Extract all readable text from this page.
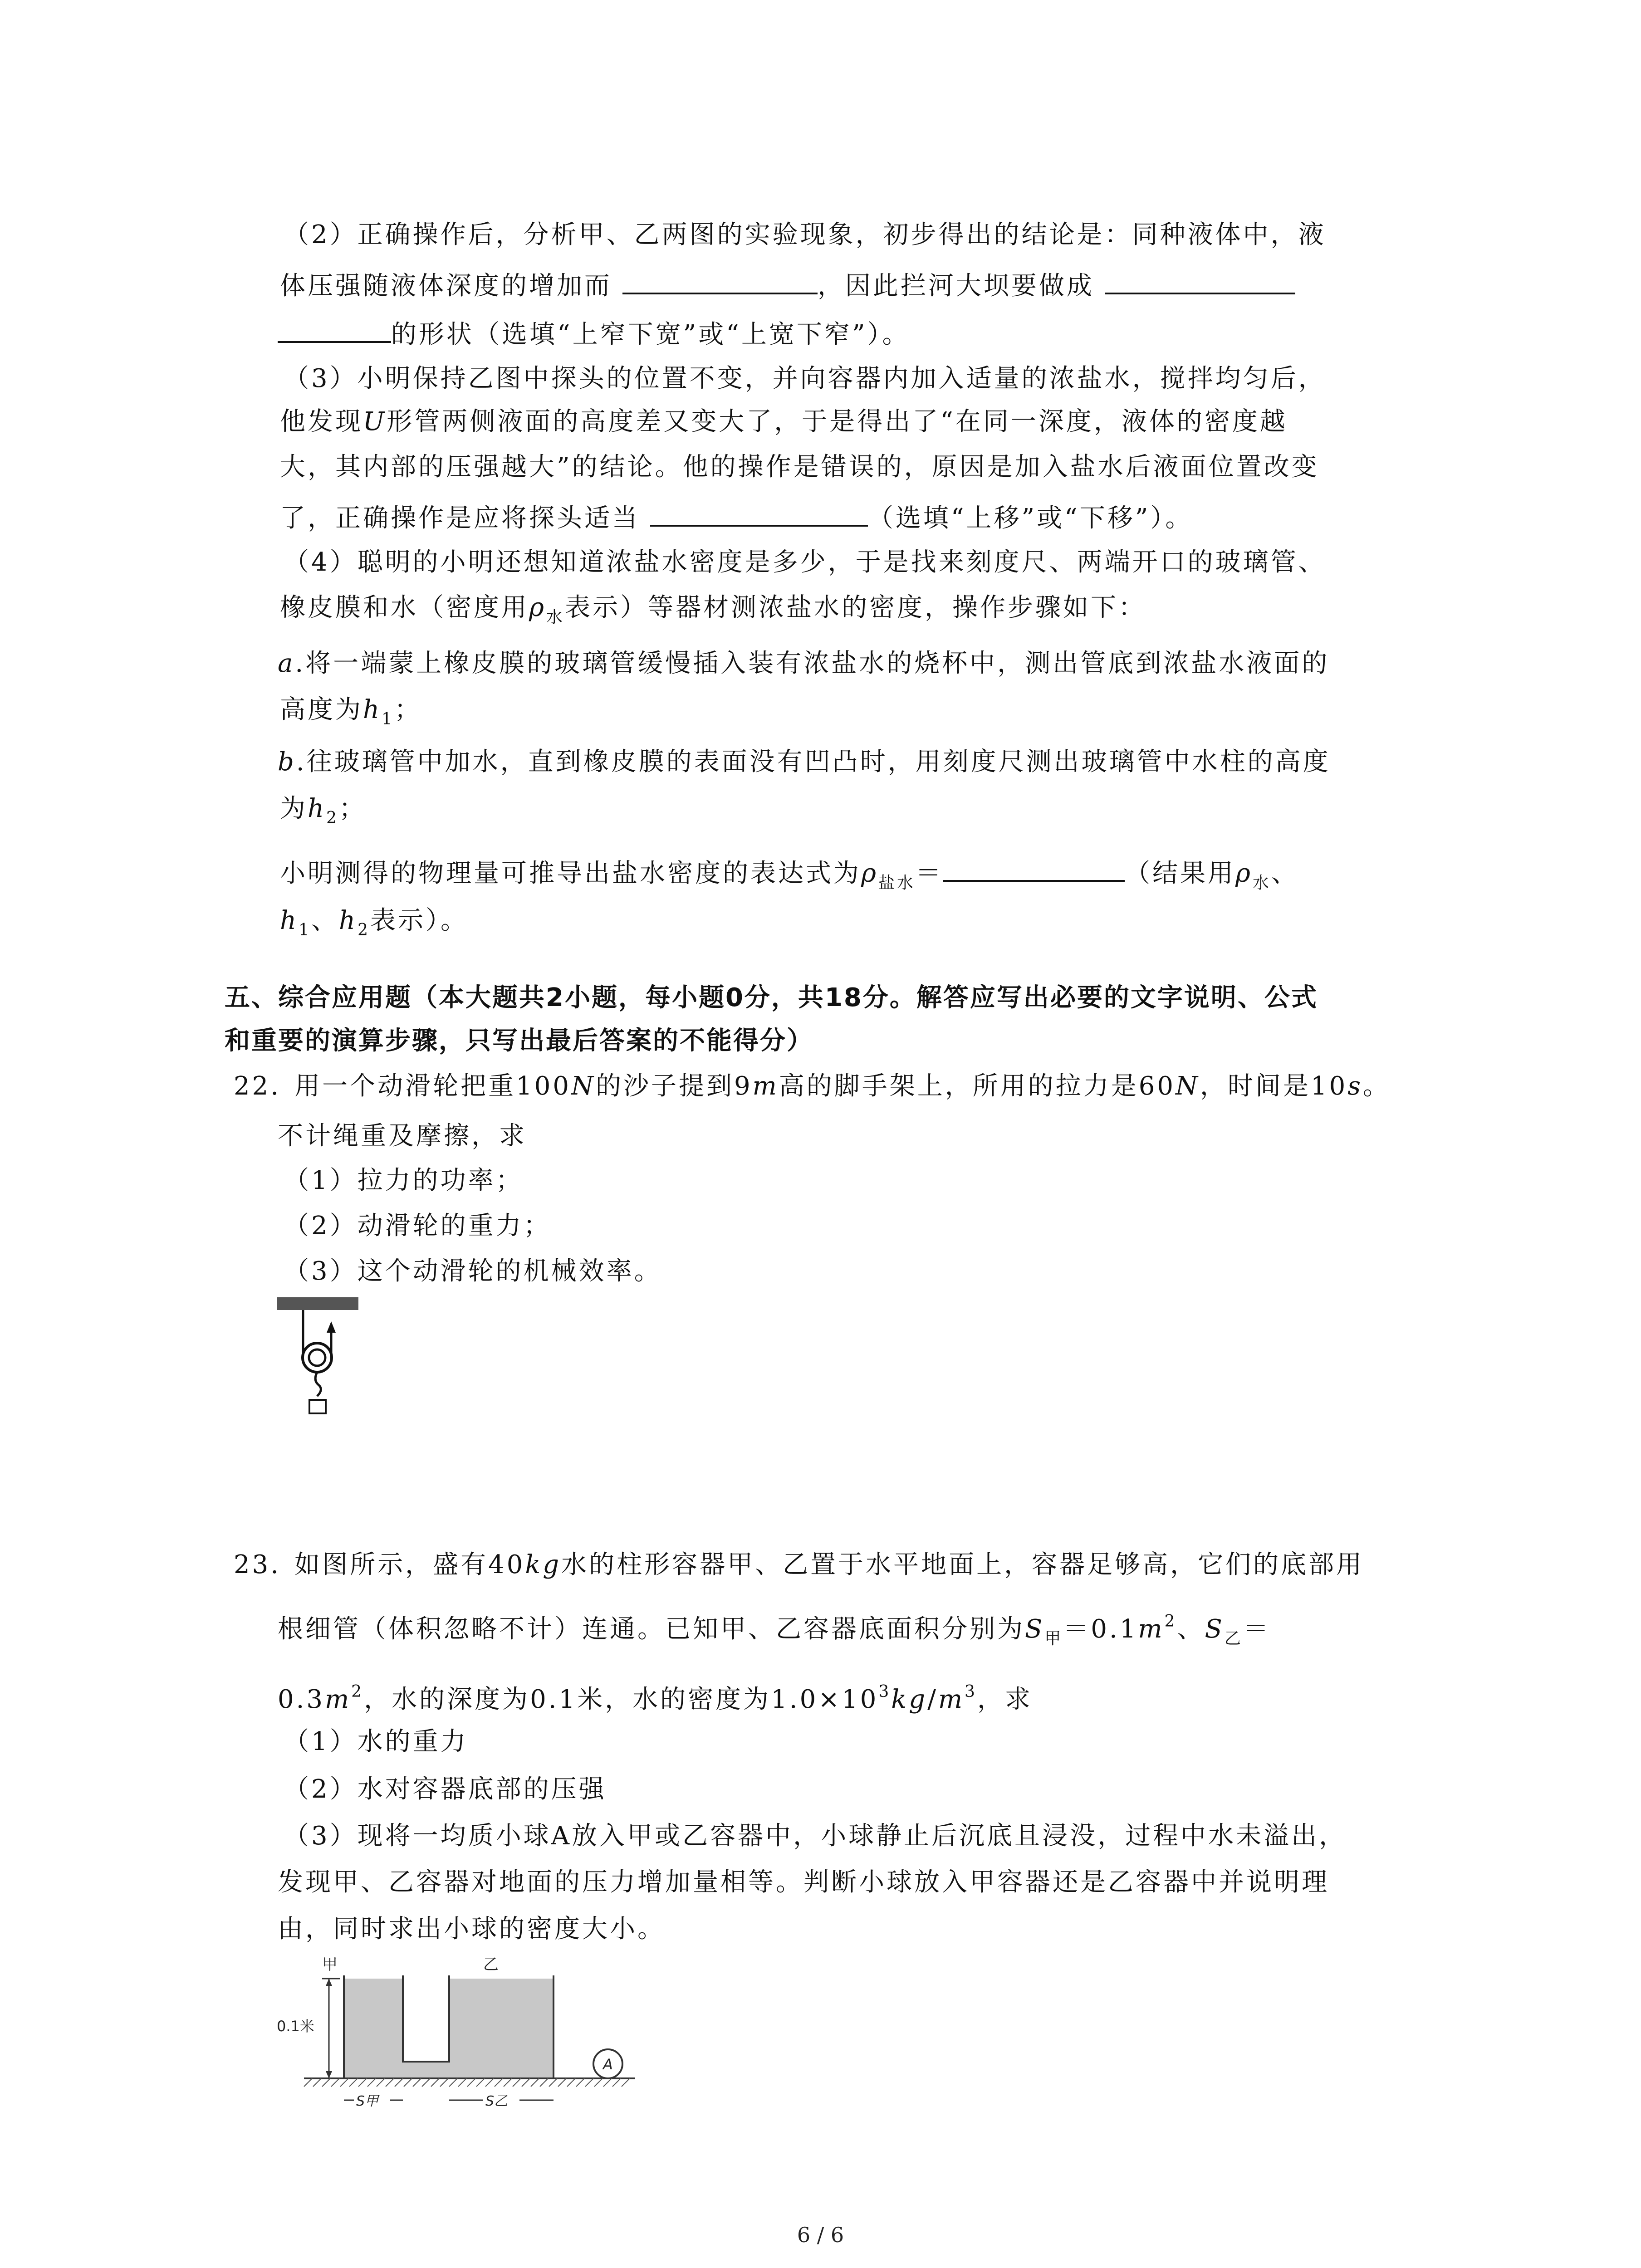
（2）正确操作后，分析甲、乙两图的实验现象，初步得出的结论是：同种液体中，液
体压强随液体深度的增加而	，因此拦河大坝要做成
的形状（选填“上窄下宽”或“上宽下窄”）。
（3）小明保持乙图中探头的位置不变，并向容器内加入适量的浓盐水，搅拌均匀后，
他发现U形管两侧液面的高度差又变大了，于是得出了“在同一深度，液体的密度越
大，其内部的压强越大”的结论。他的操作是错误的，原因是加入盐水后液面位置改变
了，正确操作是应将探头适当	（选填“上移”或“下移”）。
（4）聪明的小明还想知道浓盐水密度是多少，于是找来刻度尺、两端开口的玻璃管、
橡皮膜和水（密度用$\rho_水$表示）等器材测浓盐水的密度，操作步骤如下：
a.将一端蒙上橡皮膜的玻璃管缓慢插入装有浓盐水的烧杯中，测出管底到浓盐水液面的
高度为$h_1$；
b.往玻璃管中加水，直到橡皮膜的表面没有凹凸时，用刻度尺测出玻璃管中水柱的高度
为$h_2$；
小明测得的物理量可推导出盐水密度的表达式为$\rho_{盐水}=$	（结果用$\rho_水$、
$h_1$、$h_2$表示）。
五、综合应用题（本大题共2小题，每小题0分，共18分。解答应写出必要的文字说明、公式
和重要的演算步骤，只写出最后答案的不能得分）
22. 用一个动滑轮把重100N的沙子提到9m高的脚手架上，所用的拉力是60N，时间是10s。
不计绳重及摩擦，求
（1）拉力的功率；
（2）动滑轮的重力；
（3）这个动滑轮的机械效率。
23. 如图所示，盛有40kg水的柱形容器甲、乙置于水平地面上，容器足够高，它们的底部用
根细管（体积忽略不计）连通。已知甲、乙容器底面积分别为$S_甲=0.1m^2$、$S_乙=$
$0.3m^2$，水的深度为0.1米，水的密度为$1.0\times 10^3kg/m^3$，求
（1）水的重力
（2）水对容器底部的压强
（3）现将一均质小球A放入甲或乙容器中，小球静止后沉底且浸没，过程中水未溢出，
发现甲、乙容器对地面的压力增加量相等。判断小球放入甲容器还是乙容器中并说明理
由，同时求出小球的密度大小。
甲	乙
0.1米
A
S甲	S乙
6 / 6
